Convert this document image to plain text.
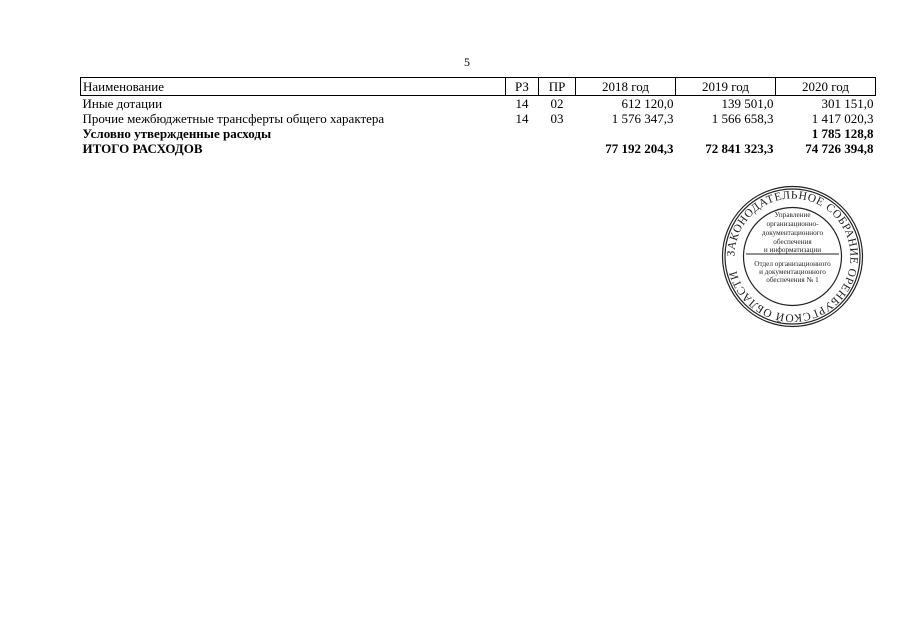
5
Наименование	РЗ	ПР	2018 год	2019 год	2020 год
Иные дотации	14	02	612 120,0	139 501,0	301 151,0
Прочие межбюджетные трансферты общего характера	14	03	1 576 347,3	1 566 658,3	1 417 020,3
Условно утвержденные расходы					1 785 128,8
ИТОГО РАСХОДОВ			77 192 204,3	72 841 323,3	74 726 394,8
ЗАКОНОДАТЕЛЬНОЕ СОБРАНИЕ ОРЕНБУРГСКОЙ ОБЛАСТИ
Управление
организационно-
документационного
обеспечения
и информатизации
Отдел организационного
и документационного
обеспечения № 1
